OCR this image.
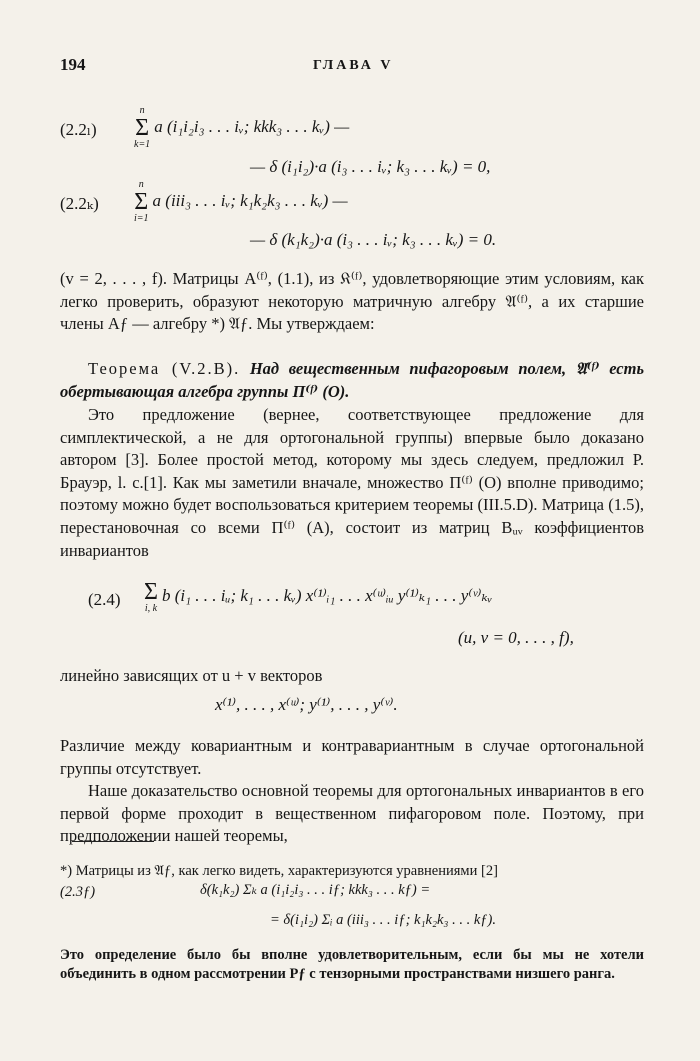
194	ГЛАВА V
(2.2ₗ)
n
Σ
k=1
a (i₁i₂i₃ . . . iᵥ; kkk₃ . . . kᵥ) —
— δ (i₁i₂)·a (i₃ . . . iᵥ; k₃ . . . kᵥ) = 0,
(2.2ₖ)
n
Σ
i=1
a (iii₃ . . . iᵥ; k₁k₂k₃ . . . kᵥ) —
— δ (k₁k₂)·a (i₃ . . . iᵥ; k₃ . . . kᵥ) = 0.
(v = 2, . . . , f). Матрицы A⁽ᶠ⁾, (1.1), из 𝔎⁽ᶠ⁾, удовлетворяющие этим условиям, как легко проверить, образуют некоторую матричную алгебру 𝔄⁽ᶠ⁾, а их старшие члены Aƒ — алгебру *) 𝔄ƒ. Мы утверждаем:
Теорема (V.2.B). Над вещественным пифагоровым полем, 𝔄⁽ᶠ⁾ есть обертывающая алгебра группы Π⁽ᶠ⁾ (O).
Это предложение (вернее, соответствующее предложение для симплектической, а не для ортогональной группы) впервые было доказано автором [3]. Более простой метод, которому мы здесь следуем, предложил Р. Брауэр, l. c.[1]. Как мы заметили вначале, множество Π⁽ᶠ⁾ (O) вполне приводимо; поэтому можно будет воспользоваться критерием теоремы (III.5.D). Матрица (1.5), перестановочная со всеми Π⁽ᶠ⁾ (A), состоит из матриц Bᵤᵥ коэффициентов инвариантов
(2.4) Σ
i, k
b (i₁ . . . iᵤ; k₁ . . . kᵥ) x⁽¹⁾ᵢ₁ . . . x⁽ᵘ⁾ᵢᵤ y⁽¹⁾ₖ₁ . . . y⁽ᵛ⁾ₖᵥ
(u, v = 0, . . . , f),
линейно зависящих от u + v векторов
x⁽¹⁾, . . . , x⁽ᵘ⁾; y⁽¹⁾, . . . , y⁽ᵛ⁾.
Различие между ковариантным и контравариантным в случае ортогональной группы отсутствует.
Наше доказательство основной теоремы для ортогональных инвариантов в его первой форме проходит в вещественном пифагоровом поле. Поэтому, при предположении нашей теоремы,
*) Матрицы из 𝔄ƒ, как легко видеть, характеризуются уравнениями [2]
(2.3ƒ)	δ(k₁k₂) Σₖ a (i₁i₂i₃ . . . iƒ; kkk₃ . . . kƒ) =
= δ(i₁i₂) Σᵢ a (iii₃ . . . iƒ; k₁k₂k₃ . . . kƒ).
Это определение было бы вполне удовлетворительным, если бы мы не хотели объединить в одном рассмотрении Pƒ с тензорными пространствами низшего ранга.
